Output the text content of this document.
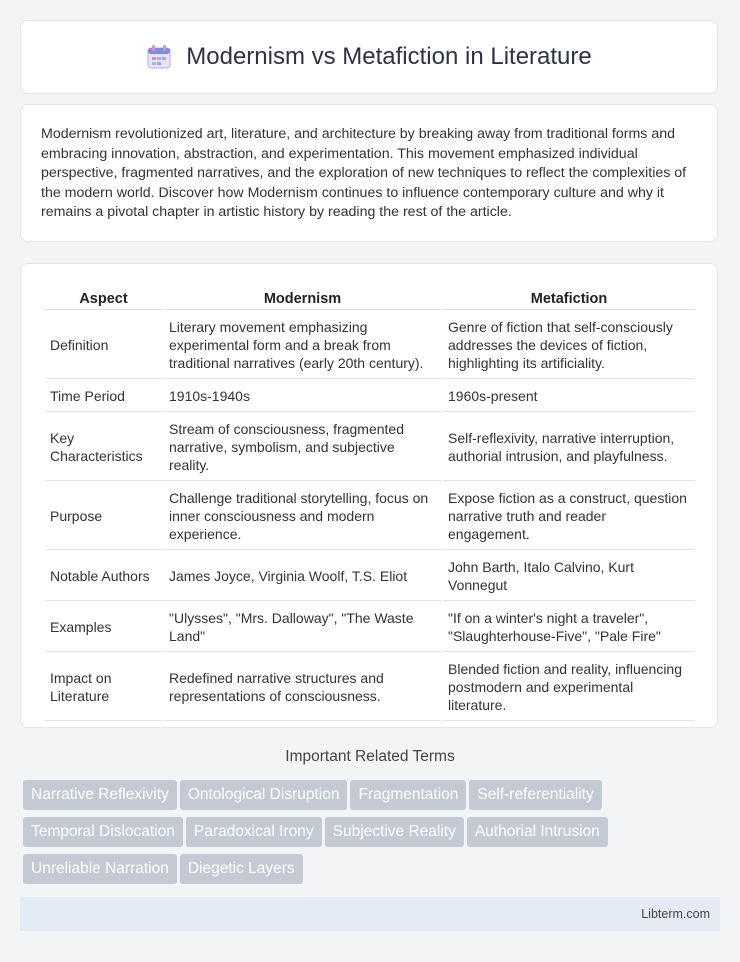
Modernism vs Metafiction in Literature
Modernism revolutionized art, literature, and architecture by breaking away from traditional forms and embracing innovation, abstraction, and experimentation. This movement emphasized individual perspective, fragmented narratives, and the exploration of new techniques to reflect the complexities of the modern world. Discover how Modernism continues to influence contemporary culture and why it remains a pivotal chapter in artistic history by reading the rest of the article.
Aspect	Modernism	Metafiction
Definition	Literary movement emphasizing experimental form and a break from traditional narratives (early 20th century).	Genre of fiction that self-consciously addresses the devices of fiction, highlighting its artificiality.
Time Period	1910s-1940s	1960s-present
Key Characteristics	Stream of consciousness, fragmented narrative, symbolism, and subjective reality.	Self-reflexivity, narrative interruption, authorial intrusion, and playfulness.
Purpose	Challenge traditional storytelling, focus on inner consciousness and modern experience.	Expose fiction as a construct, question narrative truth and reader engagement.
Notable Authors	James Joyce, Virginia Woolf, T.S. Eliot	John Barth, Italo Calvino, Kurt Vonnegut
Examples	"Ulysses", "Mrs. Dalloway", "The Waste Land"	"If on a winter's night a traveler", "Slaughterhouse-Five", "Pale Fire"
Impact on Literature	Redefined narrative structures and representations of consciousness.	Blended fiction and reality, influencing postmodern and experimental literature.
Important Related Terms
Narrative Reflexivity Ontological Disruption Fragmentation Self-referentiality
Temporal Dislocation Paradoxical Irony Subjective Reality Authorial Intrusion
Unreliable Narration Diegetic Layers
Libterm.com
